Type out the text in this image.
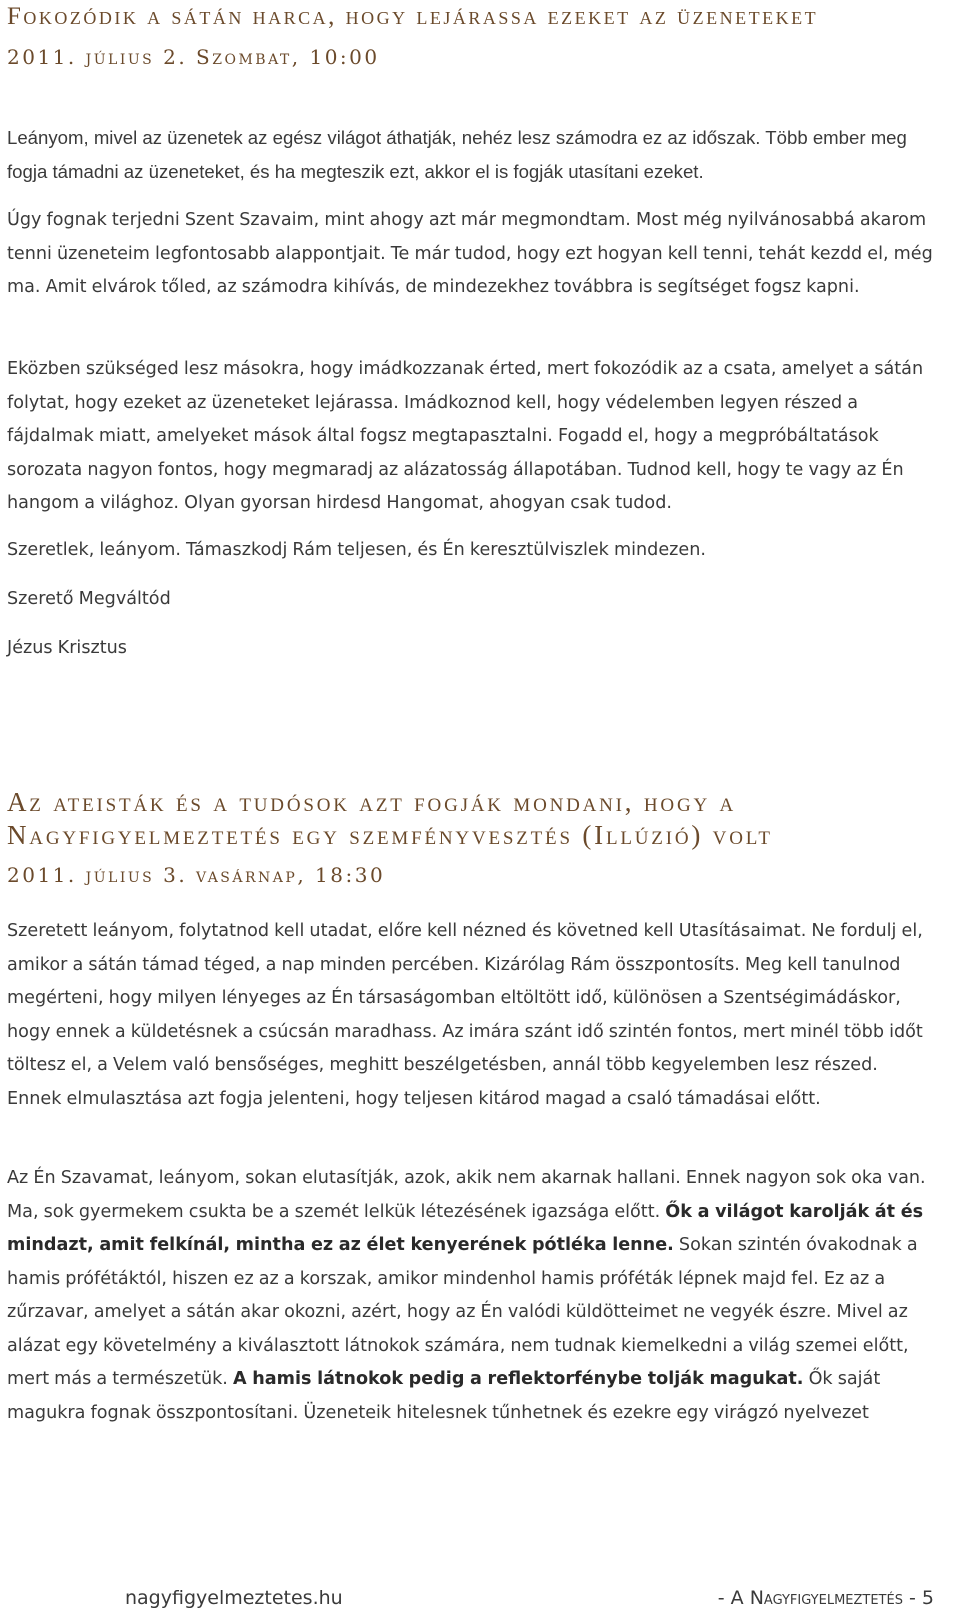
Fokozódik a sátán harca, hogy lejárassa ezeket az üzeneteket

2011. július 2. Szombat, 10:00

Leányom, mivel az üzenetek az egész világot áthatják, nehéz lesz számodra ez az időszak. Több ember meg fogja támadni az üzeneteket, és ha megteszik ezt, akkor el is fogják utasítani ezeket.

Úgy fognak terjedni Szent Szavaim, mint ahogy azt már megmondtam. Most még nyilvánosabbá akarom tenni üzeneteim legfontosabb alappontjait. Te már tudod, hogy ezt hogyan kell tenni, tehát kezdd el, még ma. Amit elvárok tőled, az számodra kihívás, de mindezekhez továbbra is segítséget fogsz kapni.

Eközben szükséged lesz másokra, hogy imádkozzanak érted, mert fokozódik az a csata, amelyet a sátán folytat, hogy ezeket az üzeneteket lejárassa. Imádkoznod kell, hogy védelemben legyen részed a fájdalmak miatt, amelyeket mások által fogsz megtapasztalni. Fogadd el, hogy a megpróbáltatások sorozata nagyon fontos, hogy megmaradj az alázatosság állapotában. Tudnod kell, hogy te vagy az Én hangom a világhoz. Olyan gyorsan hirdesd Hangomat, ahogyan csak tudod.

Szeretlek, leányom. Támaszkodj Rám teljesen, és Én keresztülviszlek mindezen.

Szerető Megváltód

Jézus Krisztus

Az ateisták és a tudósok azt fogják mondani, hogy a
Nagyfigyelmeztetés egy szemfényvesztés (Illúzió) volt

2011. július 3. vasárnap, 18:30

Szeretett leányom, folytatnod kell utadat, előre kell nézned és követned kell Utasításaimat. Ne fordulj el, amikor a sátán támad téged, a nap minden percében. Kizárólag Rám összpontosíts. Meg kell tanulnod megérteni, hogy milyen lényeges az Én társaságomban eltöltött idő, különösen a Szentségimádáskor, hogy ennek a küldetésnek a csúcsán maradhass. Az imára szánt idő szintén fontos, mert minél több időt töltesz el, a Velem való bensőséges, meghitt beszélgetésben, annál több kegyelemben lesz részed. Ennek elmulasztása azt fogja jelenteni, hogy teljesen kitárod magad a csaló támadásai előtt.

Az Én Szavamat, leányom, sokan elutasítják, azok, akik nem akarnak hallani. Ennek nagyon sok oka van. Ma, sok gyermekem csukta be a szemét lelkük létezésének igazsága előtt. Ők a világot karolják át és mindazt, amit felkínál, mintha ez az élet kenyerének pótléka lenne. Sokan szintén óvakodnak a hamis prófétáktól, hiszen ez az a korszak, amikor mindenhol hamis próféták lépnek majd fel. Ez az a zűrzavar, amelyet a sátán akar okozni, azért, hogy az Én valódi küldötteimet ne vegyék észre. Mivel az alázat egy követelmény a kiválasztott látnokok számára, nem tudnak kiemelkedni a világ szemei előtt, mert más a természetük. A hamis látnokok pedig a reflektorfénybe tolják magukat. Ők saját magukra fognak összpontosítani. Üzeneteik hitelesnek tűnhetnek és ezekre egy virágzó nyelvezet

nagyfigyelmeztetes.hu	- A Nagyfigyelmeztetés - 5
